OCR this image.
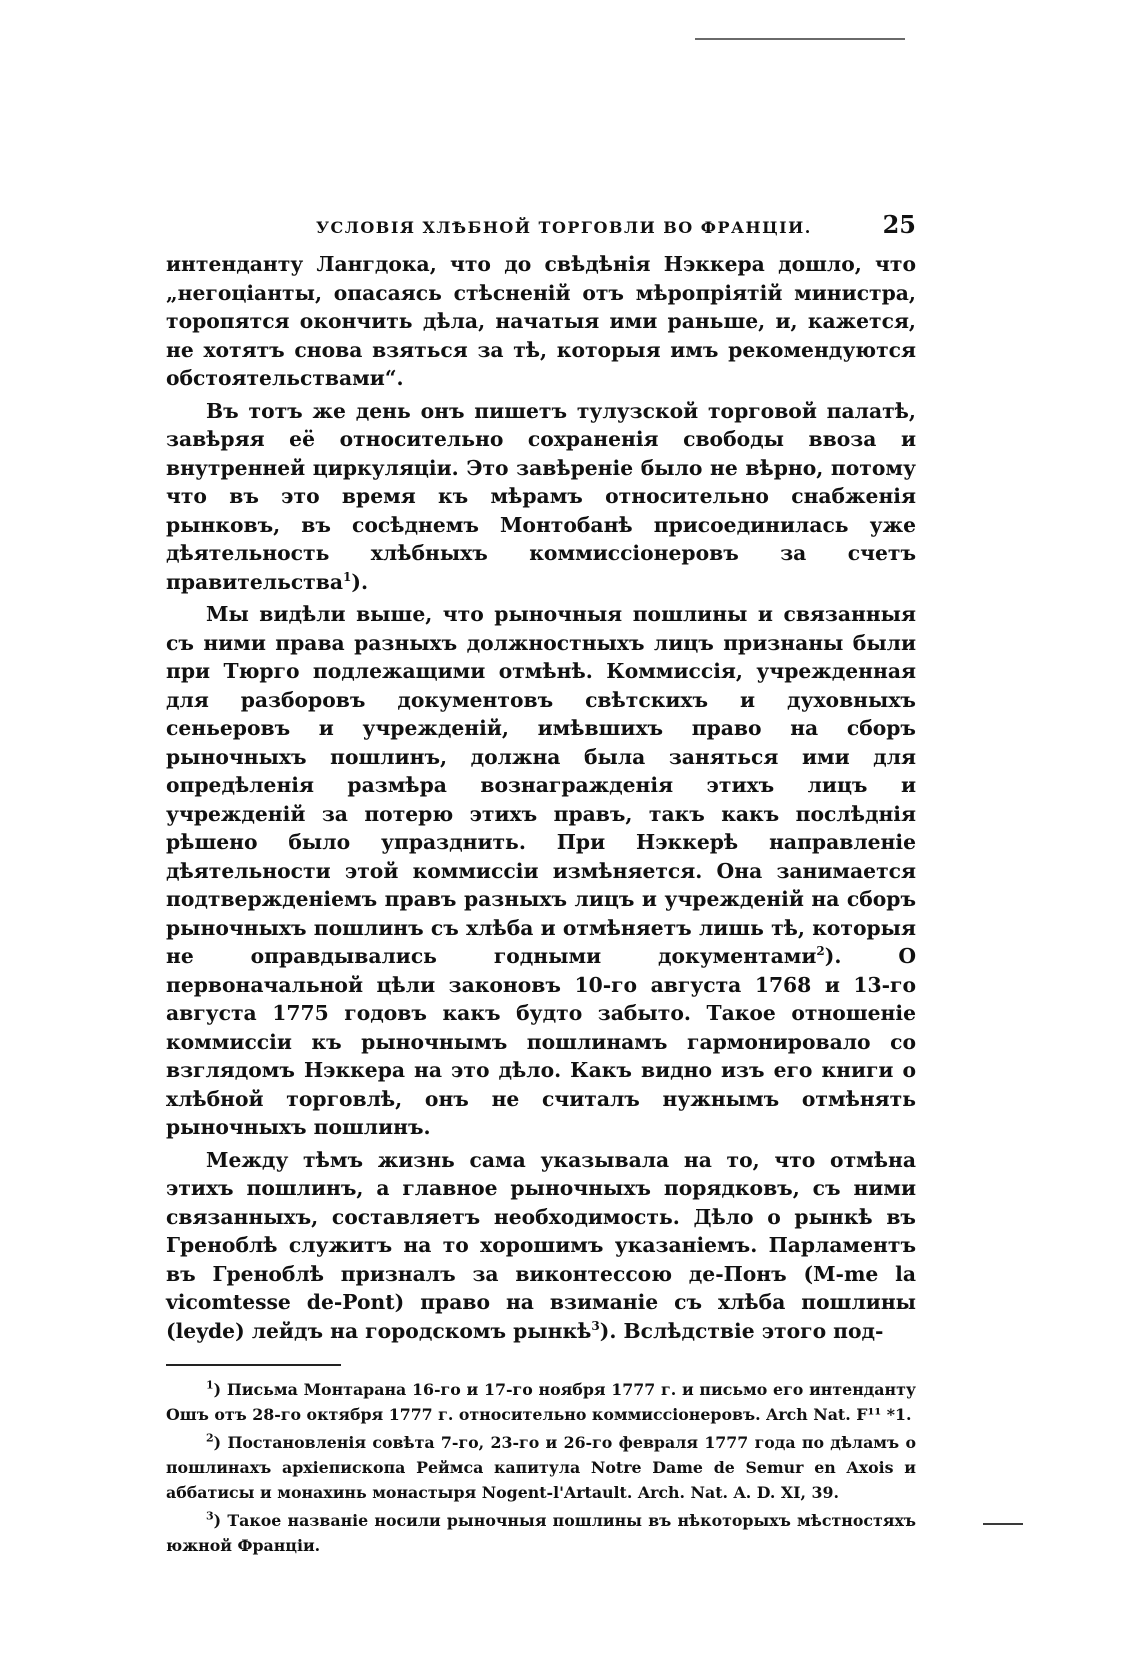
УСЛОВІЯ ХЛѢБНОЙ ТОРГОВЛИ ВО ФРАНЦІИ.	25

интенданту Лангдока, что до свѣдѣнія Нэккера дошло, что „негоціанты, опасаясь стѣсненій отъ мѣропріятій министра, торопятся окончить дѣла, начатыя ими раньше, и, кажется, не хотятъ снова взяться за тѣ, которыя имъ рекомендуются обстоятельствами“.

Въ тотъ же день онъ пишетъ тулузской торговой палатѣ, завѣряя её относительно сохраненія свободы ввоза и внутренней циркуляціи. Это завѣреніе было не вѣрно, потому что въ это время къ мѣрамъ относительно снабженія рынковъ, въ сосѣднемъ Монтобанѣ присоединилась уже дѣятельность хлѣбныхъ коммиссіонеровъ за счетъ правительства$^1$).

Мы видѣли выше, что рыночныя пошлины и связанныя съ ними права разныхъ должностныхъ лицъ признаны были при Тюрго подлежащими отмѣнѣ. Коммиссія, учрежденная для разборовъ документовъ свѣтскихъ и духовныхъ сеньеровъ и учрежденій, имѣвшихъ право на сборъ рыночныхъ пошлинъ, должна была заняться ими для опредѣленія размѣра вознагражденія этихъ лицъ и учрежденій за потерю этихъ правъ, такъ какъ послѣднія рѣшено было упразднить. При Нэккерѣ направленіе дѣятельности этой коммиссіи измѣняется. Она занимается подтвержденіемъ правъ разныхъ лицъ и учрежденій на сборъ рыночныхъ пошлинъ съ хлѣба и отмѣняетъ лишь тѣ, которыя не оправдывались годными документами$^2$). О первоначальной цѣли законовъ 10-го августа 1768 и 13-го августа 1775 годовъ какъ будто забыто. Такое отношеніе коммиссіи къ рыночнымъ пошлинамъ гармонировало со взглядомъ Нэккера на это дѣло. Какъ видно изъ его книги о хлѣбной торговлѣ, онъ не считалъ нужнымъ отмѣнять рыночныхъ пошлинъ.

Между тѣмъ жизнь сама указывала на то, что отмѣна этихъ пошлинъ, а главное рыночныхъ порядковъ, съ ними связанныхъ, составляетъ необходимость. Дѣло о рынкѣ въ Греноблѣ служитъ на то хорошимъ указаніемъ. Парламентъ въ Греноблѣ призналъ за виконтессою де-Понъ (M-me la vicomtesse de-Pont) право на взиманіе съ хлѣба пошлины (leyde) лейдъ на городскомъ рынкѣ$^3$). Вслѣдствіе этого под-

$^1$) Письма Монтарана 16-го и 17-го ноября 1777 г. и письмо его интенданту Ошъ отъ 28-го октября 1777 г. относительно коммиссіонеровъ. Arch Nat. F¹¹ *1.

$^2$) Постановленія совѣта 7-го, 23-го и 26-го февраля 1777 года по дѣламъ о пошлинахъ архіепископа Реймса капитула Notre Dame de Semur en Axois и аббатисы и монахинь монастыря Nogent-l'Artault. Arch. Nat. A. D. XI, 39.

$^3$) Такое названіе носили рыночныя пошлины въ нѣкоторыхъ мѣстностяхъ южной Франціи.
